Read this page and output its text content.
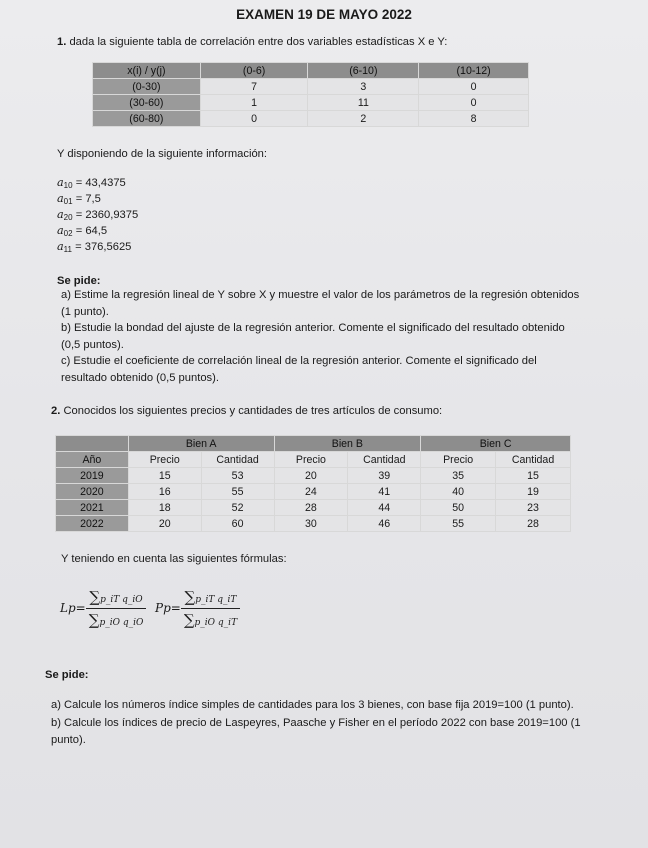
EXAMEN 19 DE MAYO 2022
1. dada la siguiente tabla de correlación entre dos variables estadísticas X e Y:
x(i) / y(j)	(0-6)	(6-10)	(10-12)
(0-30)	7	3	0
(30-60)	1	11	0
(60-80)	0	2	8
Y disponiendo de la siguiente información:
$a_{10} = 43,4375$
$a_{01} = 7,5$
$a_{20} = 2360,9375$
$a_{02} = 64,5$
$a_{11} = 376,5625$
Se pide:
a) Estime la regresión lineal de Y sobre X y muestre el valor de los parámetros de la regresión obtenidos
(1 punto).
b) Estudie la bondad del ajuste de la regresión anterior. Comente el significado del resultado obtenido
(0,5 puntos).
c) Estudie el coeficiente de correlación lineal de la regresión anterior. Comente el significado del
resultado obtenido (0,5 puntos).
2. Conocidos los siguientes precios y cantidades de tres artículos de consumo:
	Bien A		Bien B		Bien C	
Año	Precio	Cantidad	Precio	Cantidad	Precio	Cantidad
2019	15	53	20	39	35	15
2020	16	55	24	41	40	19
2021	18	52	28	44	50	23
2022	20	60	30	46	55	28
Y teniendo en cuenta las siguientes fórmulas:
$Lp= \frac{\text{∑p\_iT q\_iO}}{\text{∑p\_iO q\_iO}} Pp= \frac{\text{∑p\_iT q\_iT}}{\text{∑p\_iO q\_iT}}$
Se pide:
a) Calcule los números índice simples de cantidades para los 3 bienes, con base fija 2019=100 (1 punto).
b) Calcule los índices de precio de Laspeyres, Paasche y Fisher en el período 2022 con base 2019=100 (1
punto).
